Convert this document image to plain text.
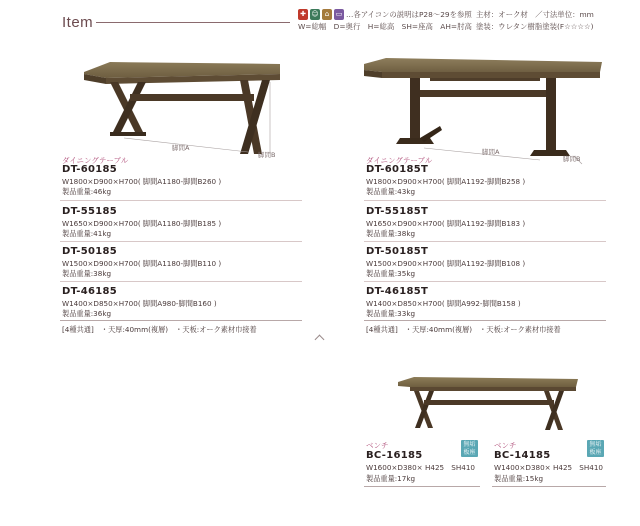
Item	✚ ☺ ⌂ ▭ …各アイコンの説明はP28〜29を参照
W=総幅　D=奥行　H=総高　SH=座高　AH=肘高
主材：オーク材　／寸法単位：mm
塗装：ウレタン樹脂塗装(F☆☆☆☆)
脚間A
脚間B	脚間A
脚間B
ダイニングテーブル
DT-60185
W1800×D900×H700( 脚間A1180-脚間B260 )
製品重量:46kg
DT-55185
W1650×D900×H700( 脚間A1180-脚間B185 )
製品重量:41kg
DT-50185
W1500×D900×H700( 脚間A1180-脚間B110 )
製品重量:38kg
DT-46185
W1400×D850×H700( 脚間A980-脚間B160 )
製品重量:36kg
[4種共通]　・天厚:40mm(複層)　・天板:オーク素材巾接着
ダイニングテーブル
DT-60185T
W1800×D900×H700( 脚間A1192-脚間B258 )
製品重量:43kg
DT-55185T
W1650×D900×H700( 脚間A1192-脚間B183 )
製品重量:38kg
DT-50185T
W1500×D900×H700( 脚間A1192-脚間B108 )
製品重量:35kg
DT-46185T
W1400×D850×H700( 脚間A992-脚間B158 )
製品重量:33kg
[4種共通]　・天厚:40mm(複層)　・天板:オーク素材巾接着
ベンチ	無垢
板座
BC-16185
W1600×D380× H425　SH410
製品重量:17kg
ベンチ	無垢
板座
BC-14185
W1400×D380× H425　SH410
製品重量:15kg
